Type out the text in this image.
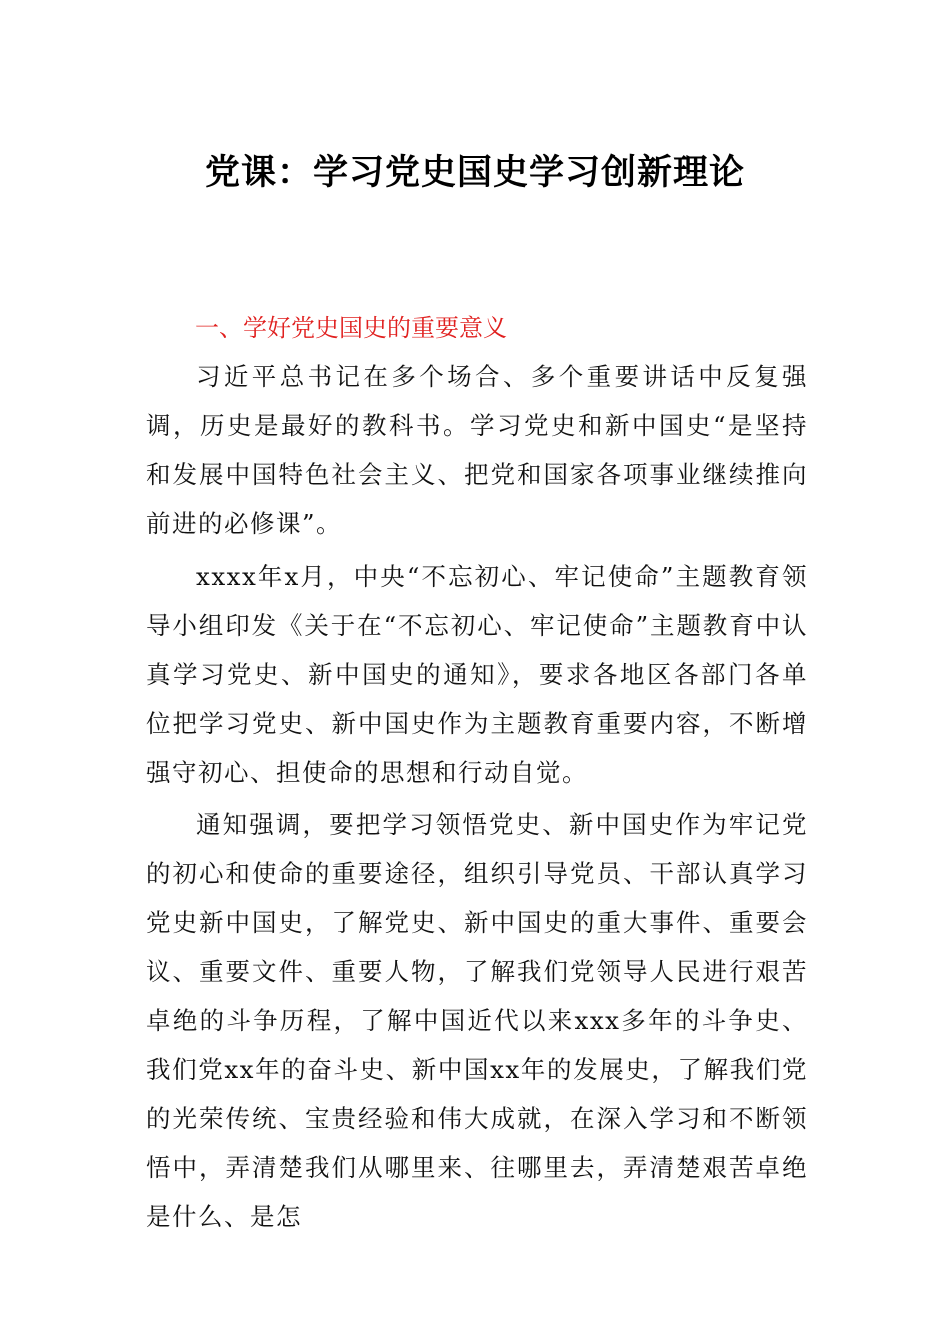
党课：学习党史国史学习创新理论
一、学好党史国史的重要意义

习近平总书记在多个场合、多个重要讲话中反复强调，历史是最好的教科书。学习党史和新中国史“是坚持和发展中国特色社会主义、把党和国家各项事业继续推向前进的必修课”。

xxxx年x月，中央“不忘初心、牢记使命”主题教育领导小组印发《关于在“不忘初心、牢记使命”主题教育中认真学习党史、新中国史的通知》，要求各地区各部门各单位把学习党史、新中国史作为主题教育重要内容，不断增强守初心、担使命的思想和行动自觉。

通知强调，要把学习领悟党史、新中国史作为牢记党的初心和使命的重要途径，组织引导党员、干部认真学习党史新中国史，了解党史、新中国史的重大事件、重要会议、重要文件、重要人物，了解我们党领导人民进行艰苦卓绝的斗争历程，了解中国近代以来xxx多年的斗争史、我们党xx年的奋斗史、新中国xx年的发展史，了解我们党的光荣传统、宝贵经验和伟大成就，在深入学习和不断领悟中，弄清楚我们从哪里来、往哪里去，弄清楚艰苦卓绝是什么、是怎
